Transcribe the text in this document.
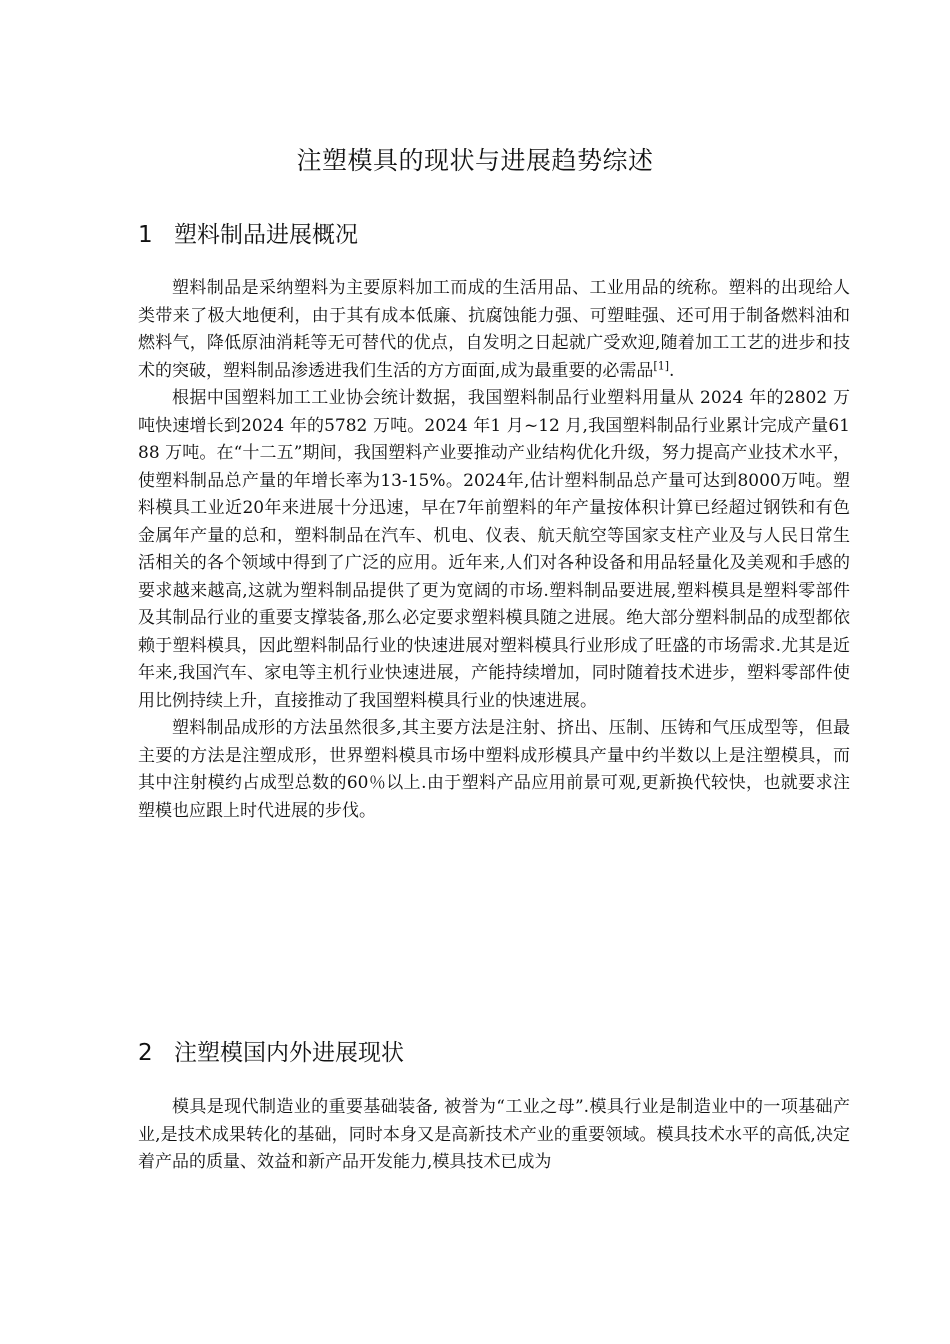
注塑模具的现状与进展趋势综述
1 塑料制品进展概况

塑料制品是采纳塑料为主要原料加工而成的生活用品、工业用品的统称。塑料的出现给人类带来了极大地便利，由于其有成本低廉、抗腐蚀能力强、可塑畦强、还可用于制备燃料油和燃料气，降低原油消耗等无可替代的优点，自发明之日起就广受欢迎,随着加工工艺的进步和技术的突破，塑料制品渗透进我们生活的方方面面,成为最重要的必需品[1].

根据中国塑料加工工业协会统计数据，我国塑料制品行业塑料用量从 2024 年的2802 万吨快速增长到2024 年的5782 万吨。2024 年1 月~12 月,我国塑料制品行业累计完成产量6188 万吨。在“十二五”期间，我国塑料产业要推动产业结构优化升级，努力提高产业技术水平，使塑料制品总产量的年增长率为13-15%。2024年,估计塑料制品总产量可达到8000万吨。塑料模具工业近20年来进展十分迅速，早在7年前塑料的年产量按体积计算已经超过钢铁和有色金属年产量的总和，塑料制品在汽车、机电、仪表、航天航空等国家支柱产业及与人民日常生活相关的各个领域中得到了广泛的应用。近年来,人们对各种设备和用品轻量化及美观和手感的要求越来越高,这就为塑料制品提供了更为宽阔的市场.塑料制品要进展,塑料模具是塑料零部件及其制品行业的重要支撑装备,那么必定要求塑料模具随之进展。绝大部分塑料制品的成型都依赖于塑料模具，因此塑料制品行业的快速进展对塑料模具行业形成了旺盛的市场需求.尤其是近年来,我国汽车、家电等主机行业快速进展，产能持续增加，同时随着技术进步，塑料零部件使用比例持续上升，直接推动了我国塑料模具行业的快速进展。

塑料制品成形的方法虽然很多,其主要方法是注射、挤出、压制、压铸和气压成型等，但最主要的方法是注塑成形，世界塑料模具市场中塑料成形模具产量中约半数以上是注塑模具，而其中注射模约占成型总数的60％以上.由于塑料产品应用前景可观,更新换代较快，也就要求注塑模也应跟上时代进展的步伐。

2 注塑模国内外进展现状

模具是现代制造业的重要基础装备, 被誉为“工业之母”.模具行业是制造业中的一项基础产业,是技术成果转化的基础，同时本身又是高新技术产业的重要领域。模具技术水平的高低,决定着产品的质量、效益和新产品开发能力,模具技术已成为
